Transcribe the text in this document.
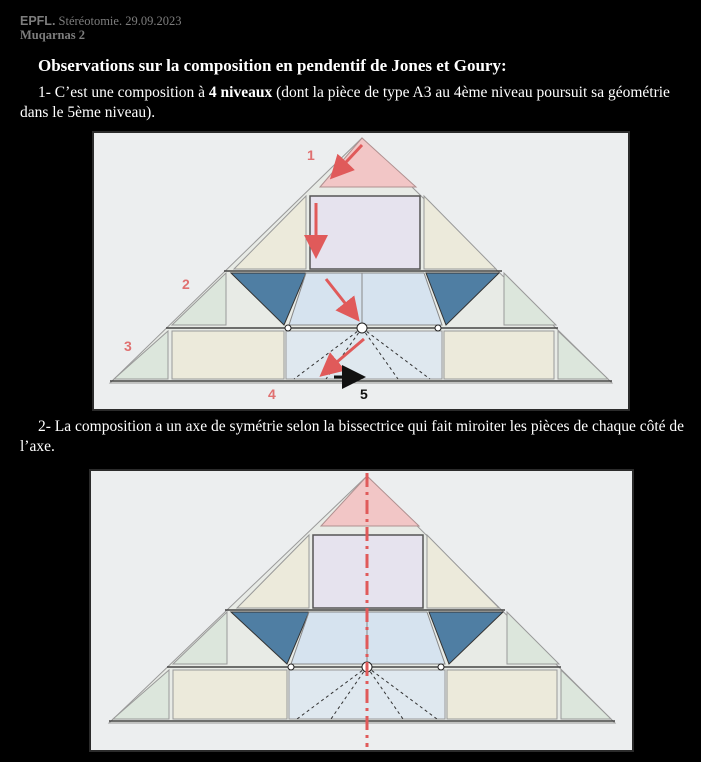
EPFL. Stéréotomie. 29.09.2023
Muqarnas 2
Observations sur la composition en pendentif de Jones et Goury:
1- C’est une composition à 4 niveaux (dont la pièce de type A3 au 4ème niveau poursuit sa géométrie dans le 5ème niveau).
1
2
3
4	5
2- La composition a un axe de symétrie selon la bissectrice qui fait miroiter les pièces de chaque côté de l’axe.
